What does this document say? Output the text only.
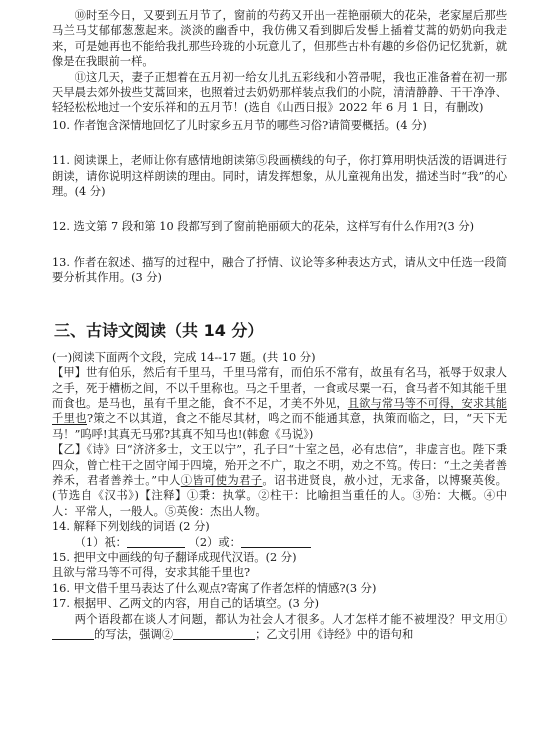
⑩时至今日，又要到五月节了，窗前的芍药又开出一茬艳丽硕大的花朵，老家屋后那些马兰马艾郁郁葱葱起来。淡淡的幽香中，我仿佛又看到脚后发髻上插着艾蒿的奶奶向我走来，可是她再也不能给我扎那些玲珑的小玩意儿了，但那些古朴有趣的乡俗仍记忆犹新，就像是在我眼前一样。

⑪这几天，妻子正想着在五月初一给女儿扎五彩线和小笤帚呢，我也正准备着在初一那天早晨去郊外拔些艾蒿回来，也照着过去奶奶那样装点我们的小院，清清静静、干干净净、轻轻松松地过一个安乐祥和的五月节！(选自《山西日报》2022 年 6 月 1 日，有删改)

10. 作者饱含深情地回忆了儿时家乡五月节的哪些习俗?请简要概括。(4 分)

11. 阅读课上，老师让你有感情地朗读第⑤段画横线的句子，你打算用明快活泼的语调进行朗读，请你说明这样朗读的理由。同时，请发挥想象，从儿童视角出发，描述当时“我”的心理。(4 分)

12. 选文第 7 段和第 10 段都写到了窗前艳丽硕大的花朵，这样写有什么作用?(3 分)

13. 作者在叙述、描写的过程中，融合了抒情、议论等多种表达方式，请从文中任选一段简要分析其作用。(3 分)

三、古诗文阅读（共 14 分）

(一)阅读下面两个文段，完成 14--17 题。(共 10 分)

【甲】世有伯乐，然后有千里马，千里马常有，而伯乐不常有，故虽有名马，祇辱于奴隶人之手，死于槽枥之间，不以千里称也。马之千里者，一食或尽粟一石，食马者不知其能千里而食也。是马也，虽有千里之能，食不不足，才美不外见，且欲与常马等不可得，安求其能千里也?策之不以其道，食之不能尽其材，鸣之而不能通其意，执策而临之，曰，“天下无马！”呜呼!其真无马邪?其真不知马也!(韩愈《马说》)

【乙】《诗》曰“济济多士，文王以宁”，孔子曰“十室之邑，必有忠信”，非虚言也。陛下秉四众，曾亡柱干之固守闻于四境，殆开之不广，取之不明，劝之不笃。传曰：“土之美者善养禾，君者善养士。”中人①皆可使为君子。诏书进贤良，赦小过，无求备，以博聚英俊。(节选自《汉书》)【注释】①秉：执掌。②柱干：比喻担当重任的人。③殆：大概。④中人：平常人，一般人。⑤英俊：杰出人物。

14. 解释下列划线的词语 (2 分)

（1）祇：	（2）或：

15. 把甲文中画线的句子翻译成现代汉语。(2 分)

且欲与常马等不可得，安求其能千里也?

16. 甲文借千里马表达了什么观点?寄寓了作者怎样的情感?(3 分)

17. 根据甲、乙两文的内容，用自己的话填空。(3 分)

两个语段都在谈人才问题，都认为社会人才很多。人才怎样才能不被埋没？甲文用①的写法，强调②	；乙文引用《诗经》中的语句和
